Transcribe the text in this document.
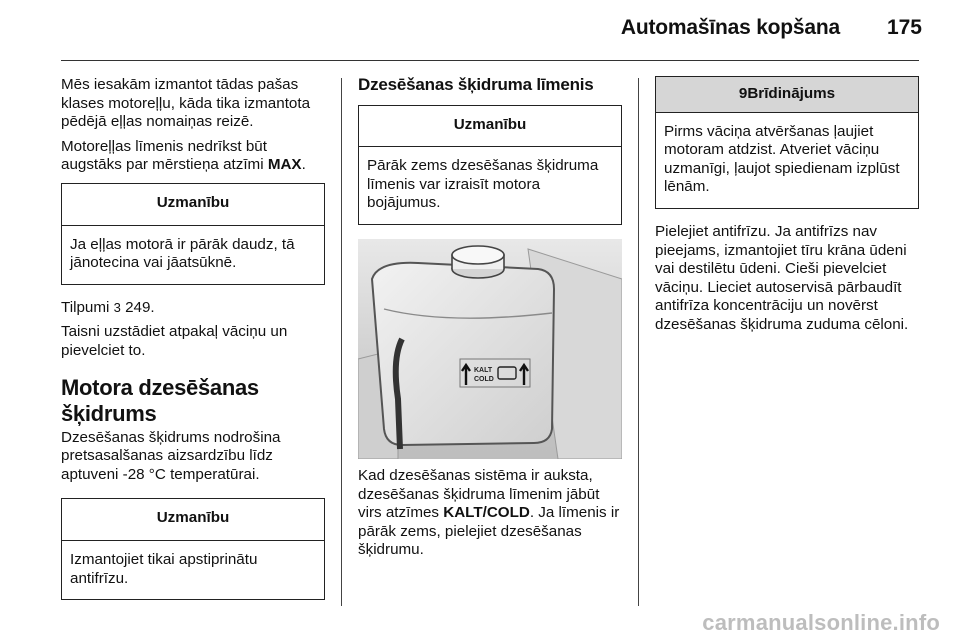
Automašīnas kopšana	175

Mēs iesakām izmantot tādas pašas klases motoreļļu, kāda tika izmantota pēdējā eļļas nomaiņas reizē.

Motoreļļas līmenis nedrīkst būt augstāks par mērstieņa atzīmi MAX.

Uzmanību
Ja eļļas motorā ir pārāk daudz, tā jānotecina vai jāatsūknē.

Tilpumi 3 249.

Taisni uzstādiet atpakaļ vāciņu un pievelciet to.

Motora dzesēšanas šķidrums

Dzesēšanas šķidrums nodrošina pretsasalšanas aizsardzību līdz aptuveni -28 °C temperatūrai.

Uzmanību
Izmantojiet tikai apstiprinātu antifrīzu.
Dzesēšanas šķidruma līmenis
Uzmanību
Pārāk zems dzesēšanas šķidruma līmenis var izraisīt motora bojājumus.
KALT
COLD

Kad dzesēšanas sistēma ir auksta, dzesēšanas šķidruma līmenim jābūt virs atzīmes KALT/COLD. Ja līmenis ir pārāk zems, pielejiet dzesēšanas šķidrumu.

9Brīdinājums
Pirms vāciņa atvēršanas ļaujiet motoram atdzist. Atveriet vāciņu uzmanīgi, ļaujot spiedienam izplūst lēnām.

Pielejiet antifrīzu. Ja antifrīzs nav pieejams, izmantojiet tīru krāna ūdeni vai destilētu ūdeni. Cieši pievelciet vāciņu. Lieciet autoservisā pārbaudīt antifrīza koncentrāciju un novērst dzesēšanas šķidruma zuduma cēloni.

carmanualsonline.info
